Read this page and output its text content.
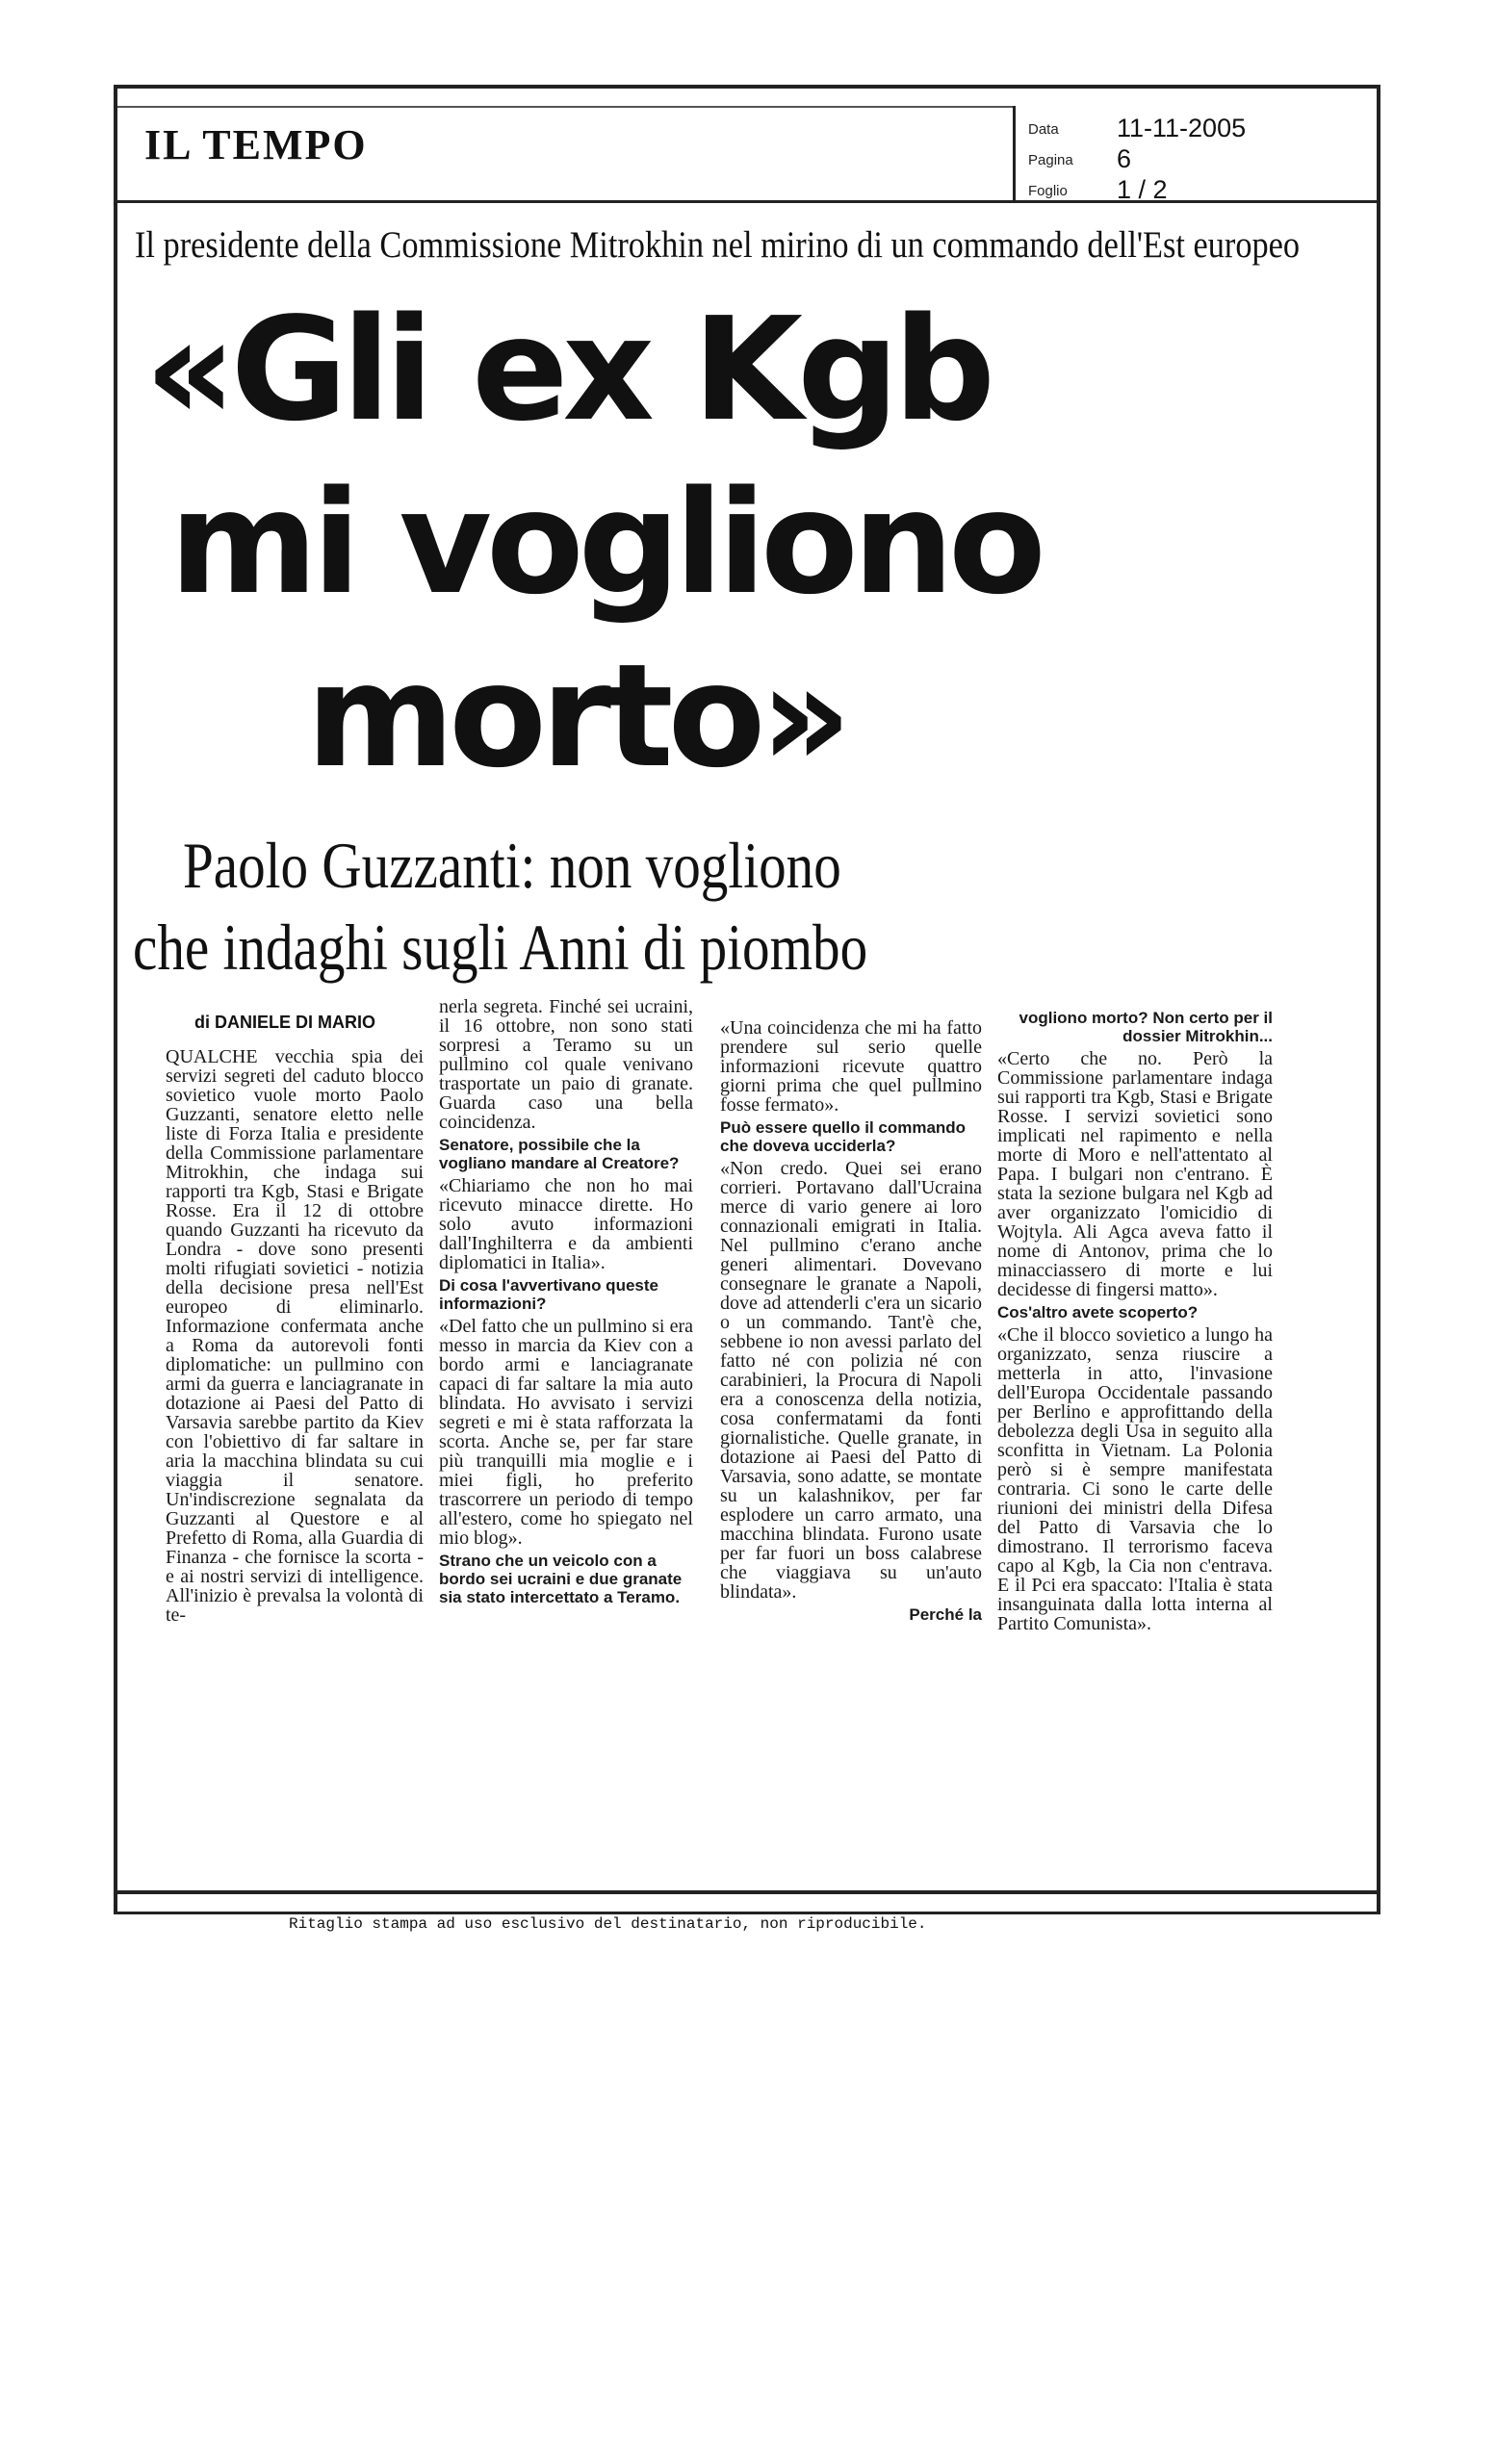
IL TEMPO	Data 11-11-2005
Pagina 6
Foglio 1 / 2
Il presidente della Commissione Mitrokhin nel mirino di un commando dell'Est europeo
«Gli ex Kgb
mi vogliono
morto»
Paolo Guzzanti: non vogliono
che indaghi sugli Anni di piombo
di DANIELE DI MARIO

QUALCHE vecchia spia dei servizi segreti del caduto blocco sovietico vuole morto Paolo Guzzanti, senatore eletto nelle liste di Forza Italia e presidente della Commissione parlamentare Mitrokhin, che indaga sui rapporti tra Kgb, Stasi e Brigate Rosse. Era il 12 di ottobre quando Guzzanti ha ricevuto da Londra - dove sono presenti molti rifugiati sovietici - notizia della decisione presa nell'Est europeo di eliminarlo. Informazione confermata anche a Roma da autorevoli fonti diplomatiche: un pullmino con armi da guerra e lanciagranate in dotazione ai Paesi del Patto di Varsavia sarebbe partito da Kiev con l'obiettivo di far saltare in aria la macchina blindata su cui viaggia il senatore. Un'indiscrezione segnalata da Guzzanti al Questore e al Prefetto di Roma, alla Guardia di Finanza - che fornisce la scorta - e ai nostri servizi di intelligence. All'inizio è prevalsa la volontà di te-

nerla segreta. Finché sei ucraini, il 16 ottobre, non sono stati sorpresi a Teramo su un pullmino col quale venivano trasportate un paio di granate. Guarda caso una bella coincidenza.

Senatore, possibile che la vogliano mandare al Creatore?

«Chiariamo che non ho mai ricevuto minacce dirette. Ho solo avuto informazioni dall'Inghilterra e da ambienti diplomatici in Italia».

Di cosa l'avvertivano queste informazioni?

«Del fatto che un pullmino si era messo in marcia da Kiev con a bordo armi e lanciagranate capaci di far saltare la mia auto blindata. Ho avvisato i servizi segreti e mi è stata rafforzata la scorta. Anche se, per far stare più tranquilli mia moglie e i miei figli, ho preferito trascorrere un periodo di tempo all'estero, come ho spiegato nel mio blog».

Strano che un veicolo con a bordo sei ucraini e due granate sia stato intercettato a Teramo.

«Una coincidenza che mi ha fatto prendere sul serio quelle informazioni ricevute quattro giorni prima che quel pullmino fosse fermato».

Può essere quello il commando che doveva ucciderla?

«Non credo. Quei sei erano corrieri. Portavano dall'Ucraina merce di vario genere ai loro connazionali emigrati in Italia. Nel pullmino c'erano anche generi alimentari. Dovevano consegnare le granate a Napoli, dove ad attenderli c'era un sicario o un commando. Tant'è che, sebbene io non avessi parlato del fatto né con polizia né con carabinieri, la Procura di Napoli era a conoscenza della notizia, cosa confermatami da fonti giornalistiche. Quelle granate, in dotazione ai Paesi del Patto di Varsavia, sono adatte, se montate su un kalashnikov, per far esplodere un carro armato, una macchina blindata. Furono usate per far fuori un boss calabrese che viaggiava su un'auto blindata».

Perché la

vogliono morto? Non certo per il dossier Mitrokhin...

«Certo che no. Però la Commissione parlamentare indaga sui rapporti tra Kgb, Stasi e Brigate Rosse. I servizi sovietici sono implicati nel rapimento e nella morte di Moro e nell'attentato al Papa. I bulgari non c'entrano. È stata la sezione bulgara nel Kgb ad aver organizzato l'omicidio di Wojtyla. Ali Agca aveva fatto il nome di Antonov, prima che lo minacciassero di morte e lui decidesse di fingersi matto».

Cos'altro avete scoperto?

«Che il blocco sovietico a lungo ha organizzato, senza riuscire a metterla in atto, l'invasione dell'Europa Occidentale passando per Berlino e approfittando della debolezza degli Usa in seguito alla sconfitta in Vietnam. La Polonia però si è sempre manifestata contraria. Ci sono le carte delle riunioni dei ministri della Difesa del Patto di Varsavia che lo dimostrano. Il terrorismo faceva capo al Kgb, la Cia non c'entrava. E il Pci era spaccato: l'Italia è stata insanguinata dalla lotta interna al Partito Comunista».

Ritaglio stampa ad uso esclusivo del destinatario, non riproducibile.
